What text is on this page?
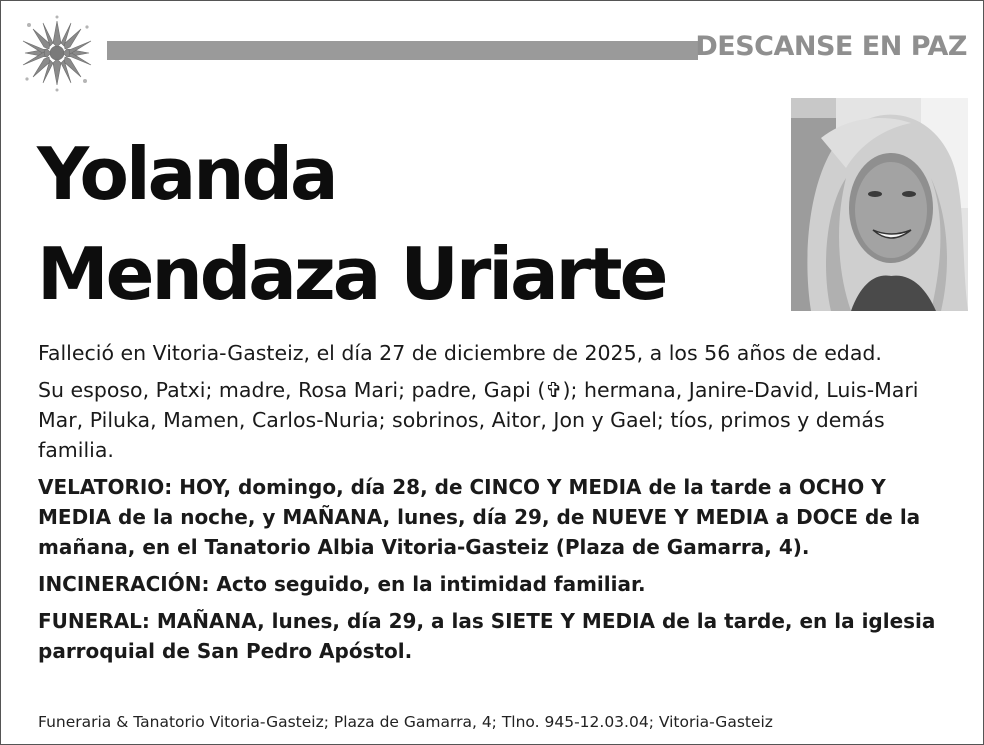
DESCANSE EN PAZ
Yolanda
Mendaza Uriarte

Falleció en Vitoria-Gasteiz, el día 27 de diciembre de 2025, a los 56 años de edad.

Su esposo, Patxi; madre, Rosa Mari; padre, Gapi (✞); hermana, Janire-David, Luis-Mari Mar, Piluka, Mamen, Carlos-Nuria; sobrinos, Aitor, Jon y Gael; tíos, primos y demás familia.

VELATORIO: HOY, domingo, día 28, de CINCO Y MEDIA de la tarde a OCHO Y MEDIA de la noche, y MAÑANA, lunes, día 29, de NUEVE Y MEDIA a DOCE de la mañana, en el Tanatorio Albia Vitoria-Gasteiz (Plaza de Gamarra, 4).

INCINERACIÓN: Acto seguido, en la intimidad familiar.

FUNERAL: MAÑANA, lunes, día 29, a las SIETE Y MEDIA de la tarde, en la iglesia parroquial de San Pedro Apóstol.

Funeraria & Tanatorio Vitoria-Gasteiz; Plaza de Gamarra, 4; Tlno. 945-12.03.04; Vitoria-Gasteiz
